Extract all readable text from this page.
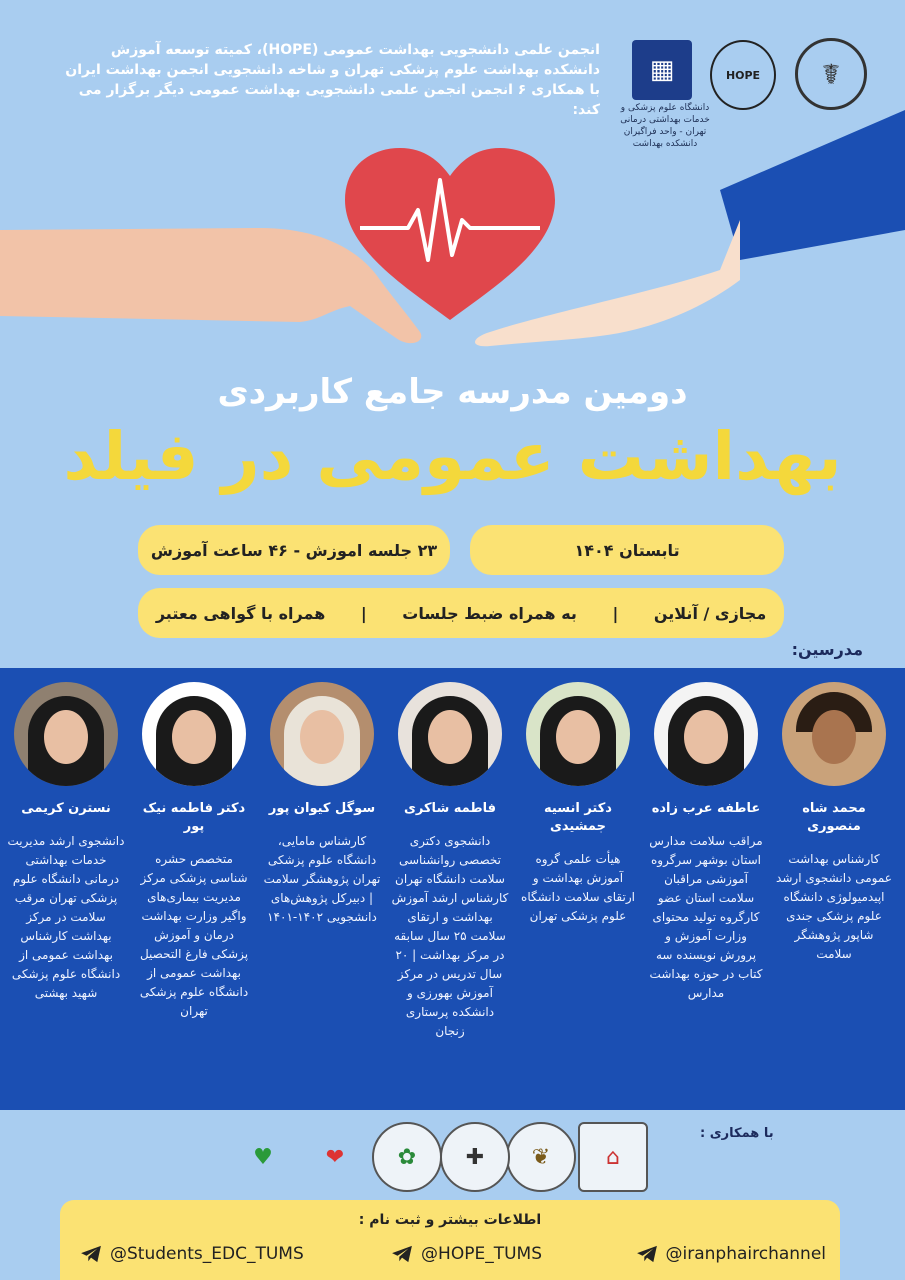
انجمن علمی دانشجویی بهداشت عمومی (HOPE)، کمیته توسعه آموزش دانشکده بهداشت علوم پزشکی تهران و شاخه دانشجویی انجمن بهداشت ایران با همکاری ۶ انجمن انجمن علمی دانشجویی بهداشت عمومی دیگر برگزار می کند:
▦
دانشگاه علوم پزشکی و خدمات بهداشتی درمانی تهران - واحد فراگیران دانشکده بهداشت
HOPE	☤
دومین مدرسه جامع کاربردی
بهداشت عمومی در فیلد
تابستان ۱۴۰۴
۲۳ جلسه اموزش - ۴۶ ساعت آموزش
مجازی / آنلاین
|
به همراه ضبط جلسات
|
همراه با گواهی معتبر
مدرسین:
محمد شاه منصوری
کارشناس بهداشت عمومی دانشجوی ارشد اپیدمیولوژی دانشگاه علوم پزشکی جندی شاپور پژوهشگر سلامت
عاطفه عرب زاده
مراقب سلامت مدارس استان بوشهر سرگروه آموزشی مراقبان سلامت استان عضو کارگروه تولید محتوای وزارت آموزش و پرورش نویسنده سه کتاب در حوزه بهداشت مدارس
دکتر انسیه جمشیدی
هیأت علمی گروه آموزش بهداشت و ارتقای سلامت دانشگاه علوم پزشکی تهران
فاطمه شاکری
دانشجوی دکتری تخصصی روانشناسی سلامت دانشگاه تهران کارشناس ارشد آموزش بهداشت و ارتقای سلامت ۲۵ سال سابقه در مرکز بهداشت | ۲۰ سال تدریس در مرکز آموزش بهورزی و دانشکده پرستاری زنجان
سوگل کیوان پور
کارشناس مامایی، دانشگاه علوم پزشکی تهران پژوهشگر سلامت | دبیرکل پژوهش‌های دانشجویی ۱۴۰۲-۱۴۰۱
دکتر فاطمه نیک پور
متخصص حشره شناسی پزشکی مرکز مدیریت بیماری‌های واگیر وزارت بهداشت درمان و آموزش پزشکی فارغ التحصیل بهداشت عمومی از دانشگاه علوم پزشکی تهران
نسترن کریمی
دانشجوی ارشد مدیریت خدمات بهداشتی درمانی دانشگاه علوم پزشکی تهران مرقب سلامت در مرکز بهداشت کارشناس بهداشت عمومی از دانشگاه علوم پزشکی شهید بهشتی
با همکاری :
⌂
❦
✚
✿
❤
♥
اطلاعات بیشتر و ثبت نام :
@iranphairchannel
@HOPE_TUMS
@Students_EDC_TUMS
